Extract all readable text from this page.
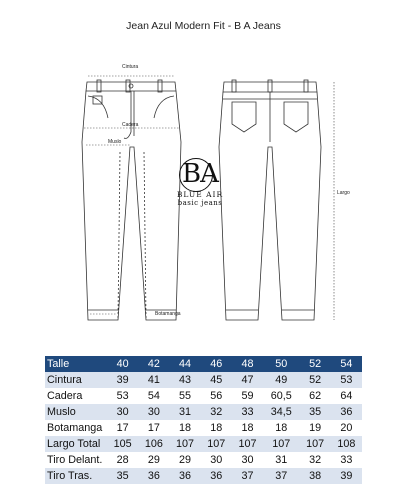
Jean Azul Modern Fit - B A Jeans
Cintura
Cadera
Muslo
Botamanga
Largo
BA
BLUE AIR
basic jeans
Talle	40	42	44	46	48	50	52	54
Cintura	39	41	43	45	47	49	52	53
Cadera	53	54	55	56	59	60,5	62	64
Muslo	30	30	31	32	33	34,5	35	36
Botamanga	17	17	18	18	18	18	19	20
Largo Total	105	106	107	107	107	107	107	108
Tiro Delant.	28	29	29	30	30	31	32	33
Tiro Tras.	35	36	36	36	37	37	38	39
